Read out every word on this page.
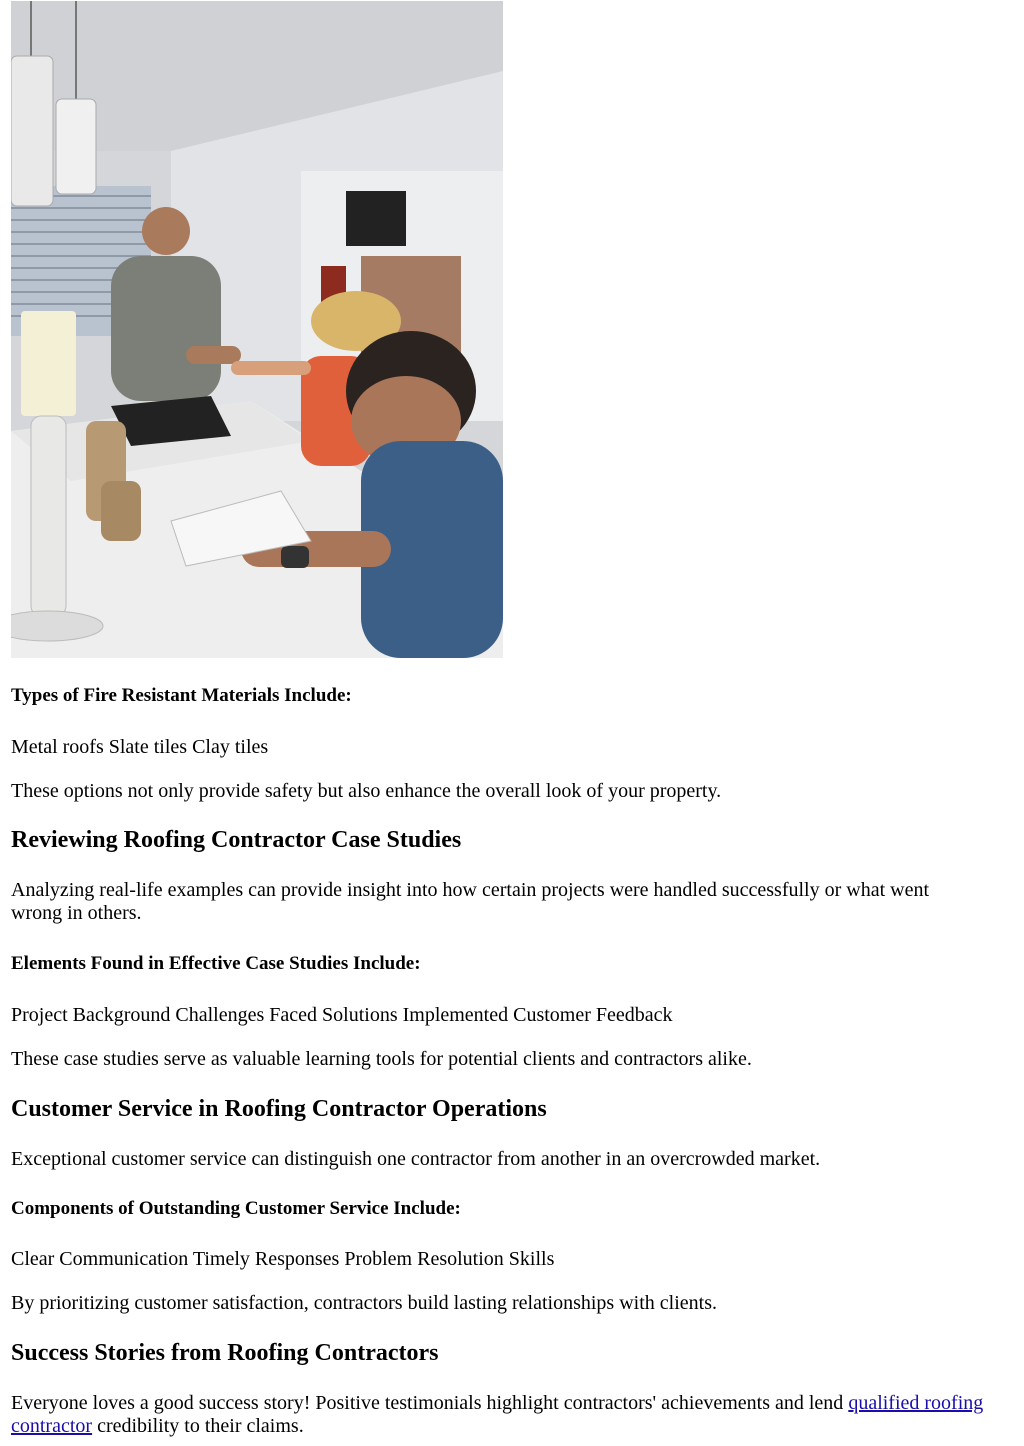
Types of Fire Resistant Materials Include:

Metal roofs Slate tiles Clay tiles

These options not only provide safety but also enhance the overall look of your property.

Reviewing Roofing Contractor Case Studies

Analyzing real-life examples can provide insight into how certain projects were handled successfully or what went
wrong in others.

Elements Found in Effective Case Studies Include:

Project Background Challenges Faced Solutions Implemented Customer Feedback

These case studies serve as valuable learning tools for potential clients and contractors alike.

Customer Service in Roofing Contractor Operations

Exceptional customer service can distinguish one contractor from another in an overcrowded market.

Components of Outstanding Customer Service Include:

Clear Communication Timely Responses Problem Resolution Skills

By prioritizing customer satisfaction, contractors build lasting relationships with clients.

Success Stories from Roofing Contractors

Everyone loves a good success story! Positive testimonials highlight contractors' achievements and lend qualified roofing
contractor credibility to their claims.
